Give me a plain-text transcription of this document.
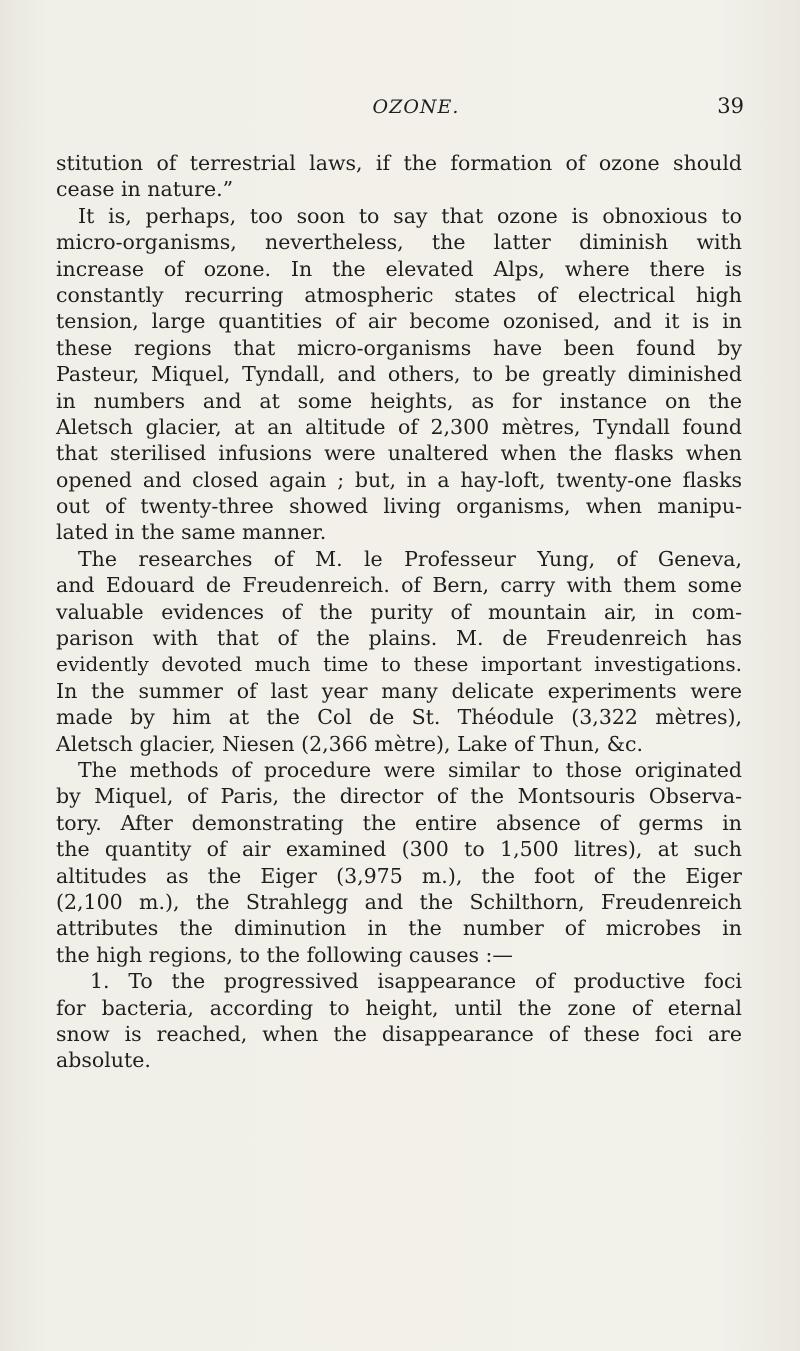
OZONE.	39
stitution of terrestrial laws, if the formation of ozone should
cease in nature.”
It is, perhaps, too soon to say that ozone is obnoxious to
micro-organisms, nevertheless, the latter diminish with
increase of ozone. In the elevated Alps, where there is
constantly recurring atmospheric states of electrical high
tension, large quantities of air become ozonised, and it is in
these regions that micro-organisms have been found by
Pasteur, Miquel, Tyndall, and others, to be greatly diminished
in numbers and at some heights, as for instance on the
Aletsch glacier, at an altitude of 2,300 mètres, Tyndall found
that sterilised infusions were unaltered when the flasks when
opened and closed again ; but, in a hay-loft, twenty-one flasks
out of twenty-three showed living organisms, when manipu-
lated in the same manner.
The researches of M. le Professeur Yung, of Geneva,
and Edouard de Freudenreich. of Bern, carry with them some
valuable evidences of the purity of mountain air, in com-
parison with that of the plains. M. de Freudenreich has
evidently devoted much time to these important investigations.
In the summer of last year many delicate experiments were
made by him at the Col de St. Théodule (3,322 mètres),
Aletsch glacier, Niesen (2,366 mètre), Lake of Thun, &c.
The methods of procedure were similar to those originated
by Miquel, of Paris, the director of the Montsouris Observa-
tory. After demonstrating the entire absence of germs in
the quantity of air examined (300 to 1,500 litres), at such
altitudes as the Eiger (3,975 m.), the foot of the Eiger
(2,100 m.), the Strahlegg and the Schilthorn, Freudenreich
attributes the diminution in the number of microbes in
the high regions, to the following causes :—
1. To the progressived isappearance of productive foci
for bacteria, according to height, until the zone of eternal
snow is reached, when the disappearance of these foci are
absolute.
